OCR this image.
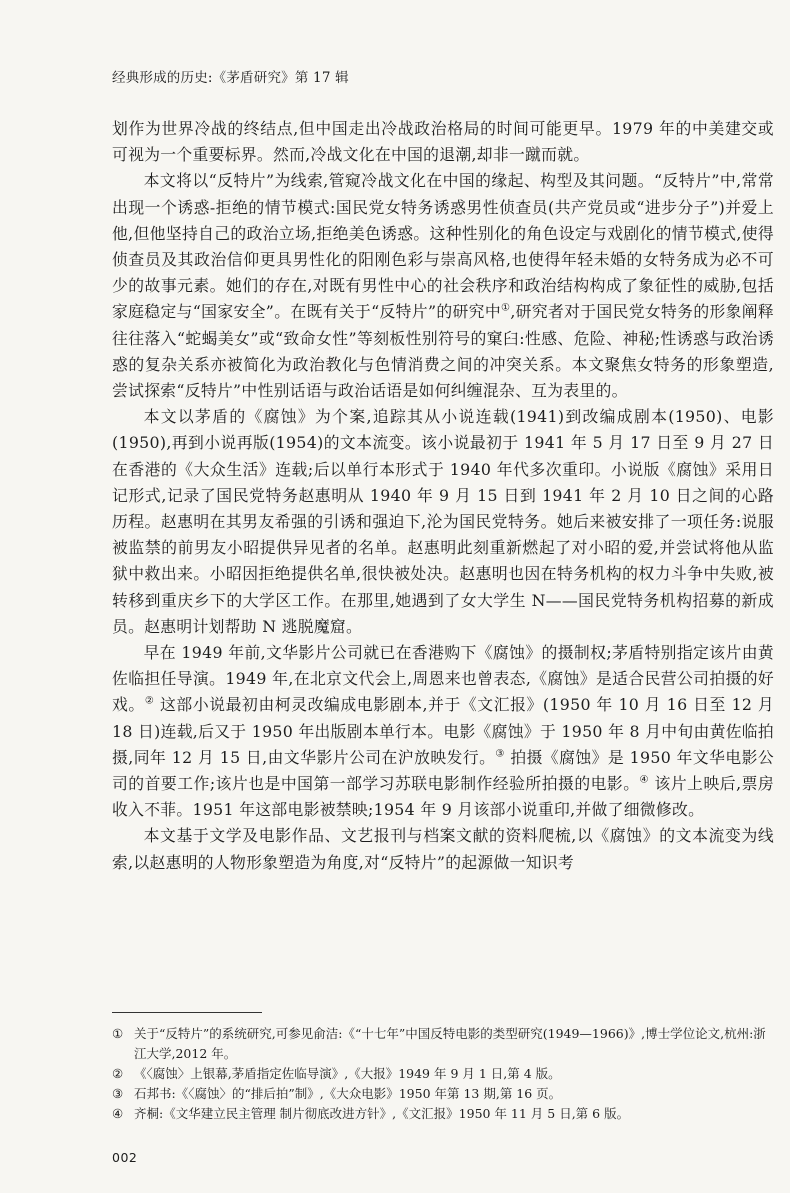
经典形成的历史:《茅盾研究》第 17 辑

划作为世界冷战的终结点,但中国走出冷战政治格局的时间可能更早。1979 年的中美建交或可视为一个重要标界。然而,冷战文化在中国的退潮,却非一蹴而就。

本文将以“反特片”为线索,管窥冷战文化在中国的缘起、构型及其问题。“反特片”中,常常出现一个诱惑-拒绝的情节模式:国民党女特务诱惑男性侦查员(共产党员或“进步分子”)并爱上他,但他坚持自己的政治立场,拒绝美色诱惑。这种性别化的角色设定与戏剧化的情节模式,使得侦查员及其政治信仰更具男性化的阳刚色彩与崇高风格,也使得年轻未婚的女特务成为必不可少的故事元素。她们的存在,对既有男性中心的社会秩序和政治结构构成了象征性的威胁,包括家庭稳定与“国家安全”。在既有关于“反特片”的研究中①,研究者对于国民党女特务的形象阐释往往落入“蛇蝎美女”或“致命女性”等刻板性别符号的窠臼:性感、危险、神秘;性诱惑与政治诱惑的复杂关系亦被简化为政治教化与色情消费之间的冲突关系。本文聚焦女特务的形象塑造,尝试探索“反特片”中性别话语与政治话语是如何纠缠混杂、互为表里的。

本文以茅盾的《腐蚀》为个案,追踪其从小说连载(1941)到改编成剧本(1950)、电影(1950),再到小说再版(1954)的文本流变。该小说最初于 1941 年 5 月 17 日至 9 月 27 日在香港的《大众生活》连载;后以单行本形式于 1940 年代多次重印。小说版《腐蚀》采用日记形式,记录了国民党特务赵惠明从 1940 年 9 月 15 日到 1941 年 2 月 10 日之间的心路历程。赵惠明在其男友希强的引诱和强迫下,沦为国民党特务。她后来被安排了一项任务:说服被监禁的前男友小昭提供异见者的名单。赵惠明此刻重新燃起了对小昭的爱,并尝试将他从监狱中救出来。小昭因拒绝提供名单,很快被处决。赵惠明也因在特务机构的权力斗争中失败,被转移到重庆乡下的大学区工作。在那里,她遇到了女大学生 N——国民党特务机构招募的新成员。赵惠明计划帮助 N 逃脱魔窟。

早在 1949 年前,文华影片公司就已在香港购下《腐蚀》的摄制权;茅盾特别指定该片由黄佐临担任导演。1949 年,在北京文代会上,周恩来也曾表态,《腐蚀》是适合民营公司拍摄的好戏。② 这部小说最初由柯灵改编成电影剧本,并于《文汇报》(1950 年 10 月 16 日至 12 月 18 日)连载,后又于 1950 年出版剧本单行本。电影《腐蚀》于 1950 年 8 月中旬由黄佐临拍摄,同年 12 月 15 日,由文华影片公司在沪放映发行。③ 拍摄《腐蚀》是 1950 年文华电影公司的首要工作;该片也是中国第一部学习苏联电影制作经验所拍摄的电影。④ 该片上映后,票房收入不菲。1951 年这部电影被禁映;1954 年 9 月该部小说重印,并做了细微修改。

本文基于文学及电影作品、文艺报刊与档案文献的资料爬梳,以《腐蚀》的文本流变为线索,以赵惠明的人物形象塑造为角度,对“反特片”的起源做一知识考

① 关于“反特片”的系统研究,可参见俞洁:《“十七年”中国反特电影的类型研究(1949—1966)》,博士学位论文,杭州:浙江大学,2012 年。
② 《〈腐蚀〉上银幕,茅盾指定佐临导演》,《大报》1949 年 9 月 1 日,第 4 版。
③ 石邦书:《〈腐蚀〉的“排后拍”制》,《大众电影》1950 年第 13 期,第 16 页。
④ 齐桐:《文华建立民主管理 制片彻底改进方针》,《文汇报》1950 年 11 月 5 日,第 6 版。
002
